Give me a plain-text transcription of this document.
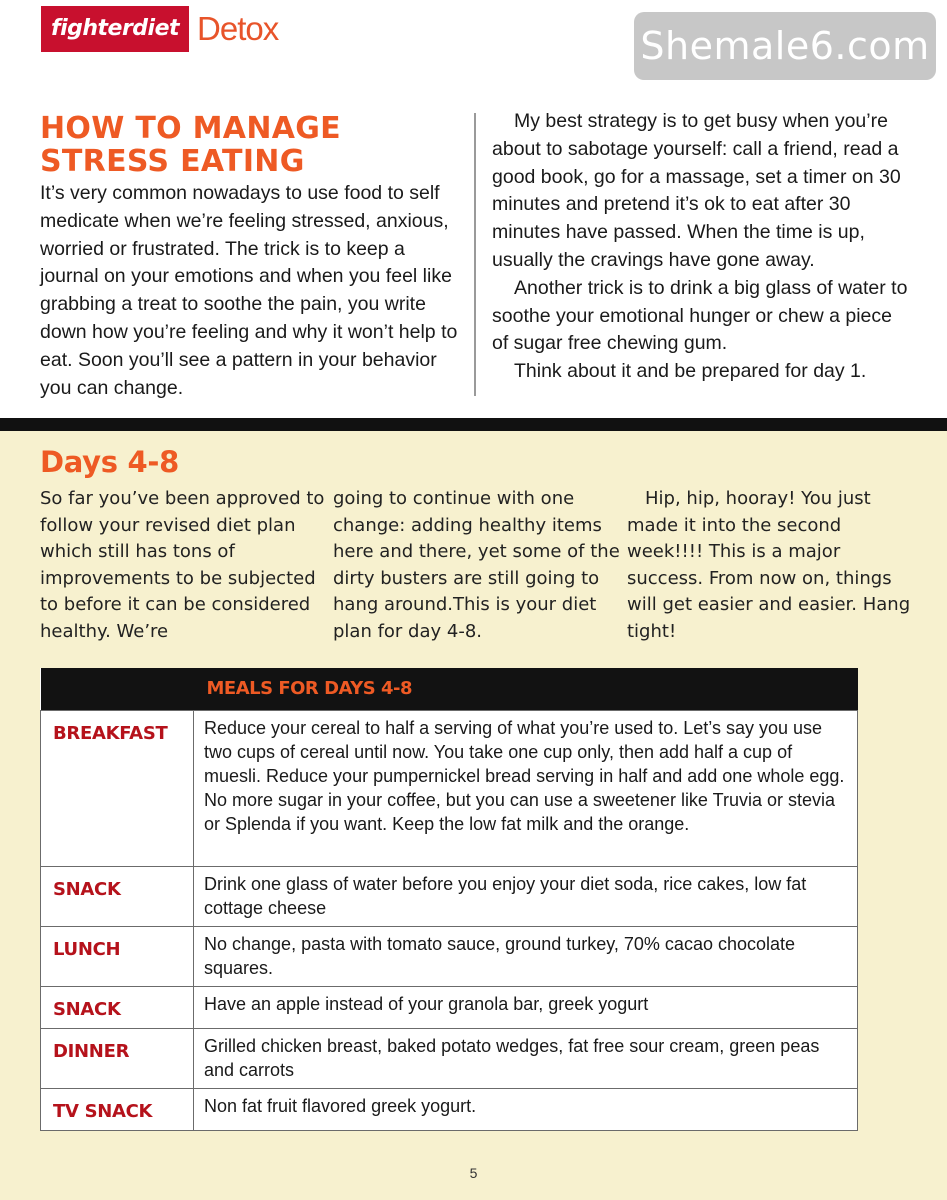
fighterdiet Detox	Shemale6.com
HOW TO MANAGE
STRESS EATING

It’s very common nowadays to use food to self medicate when we’re feeling stressed, anxious, worried or frustrated. The trick is to keep a journal on your emotions and when you feel like grabbing a treat to soothe the pain, you write down how you’re feeling and why it won’t help to eat. Soon you’ll see a pattern in your behavior you can change.

My best strategy is to get busy when you’re about to sabotage yourself: call a friend, read a good book, go for a massage, set a timer on 30 minutes and pretend it’s ok to eat after 30 minutes have passed. When the time is up, usually the cravings have gone away.

Another trick is to drink a big glass of water to soothe your emotional hunger or chew a piece of sugar free chewing gum.

Think about it and be prepared for day 1.

Days 4-8
So far you’ve been approved to follow your revised diet plan which still has tons of improvements to be subjected to before it can be considered healthy. We’re
going to continue with one change: adding healthy items here and there, yet some of the dirty busters are still going to hang around.This is your diet plan for day 4-8.
Hip, hip, hooray! You just made it into the second week!!!! This is a major success. From now on, things will get easier and easier. Hang tight!
MEALS FOR DAYS 4-8	
BREAKFAST	Reduce your cereal to half a serving of what you’re used to. Let’s say you use two cups of cereal until now. You take one cup only, then add half a cup of muesli. Reduce your pumpernickel bread serving in half and add one whole egg. No more sugar in your coffee, but you can use a sweetener like Truvia or stevia or Splenda if you want. Keep the low fat milk and the orange.
SNACK	Drink one glass of water before you enjoy your diet soda, rice cakes, low fat cottage cheese
LUNCH	No change, pasta with tomato sauce, ground turkey, 70% cacao chocolate squares.
SNACK	Have an apple instead of your granola bar, greek yogurt
DINNER	Grilled chicken breast, baked potato wedges, fat free sour cream, green peas and carrots
TV SNACK	Non fat fruit flavored greek yogurt.
5
